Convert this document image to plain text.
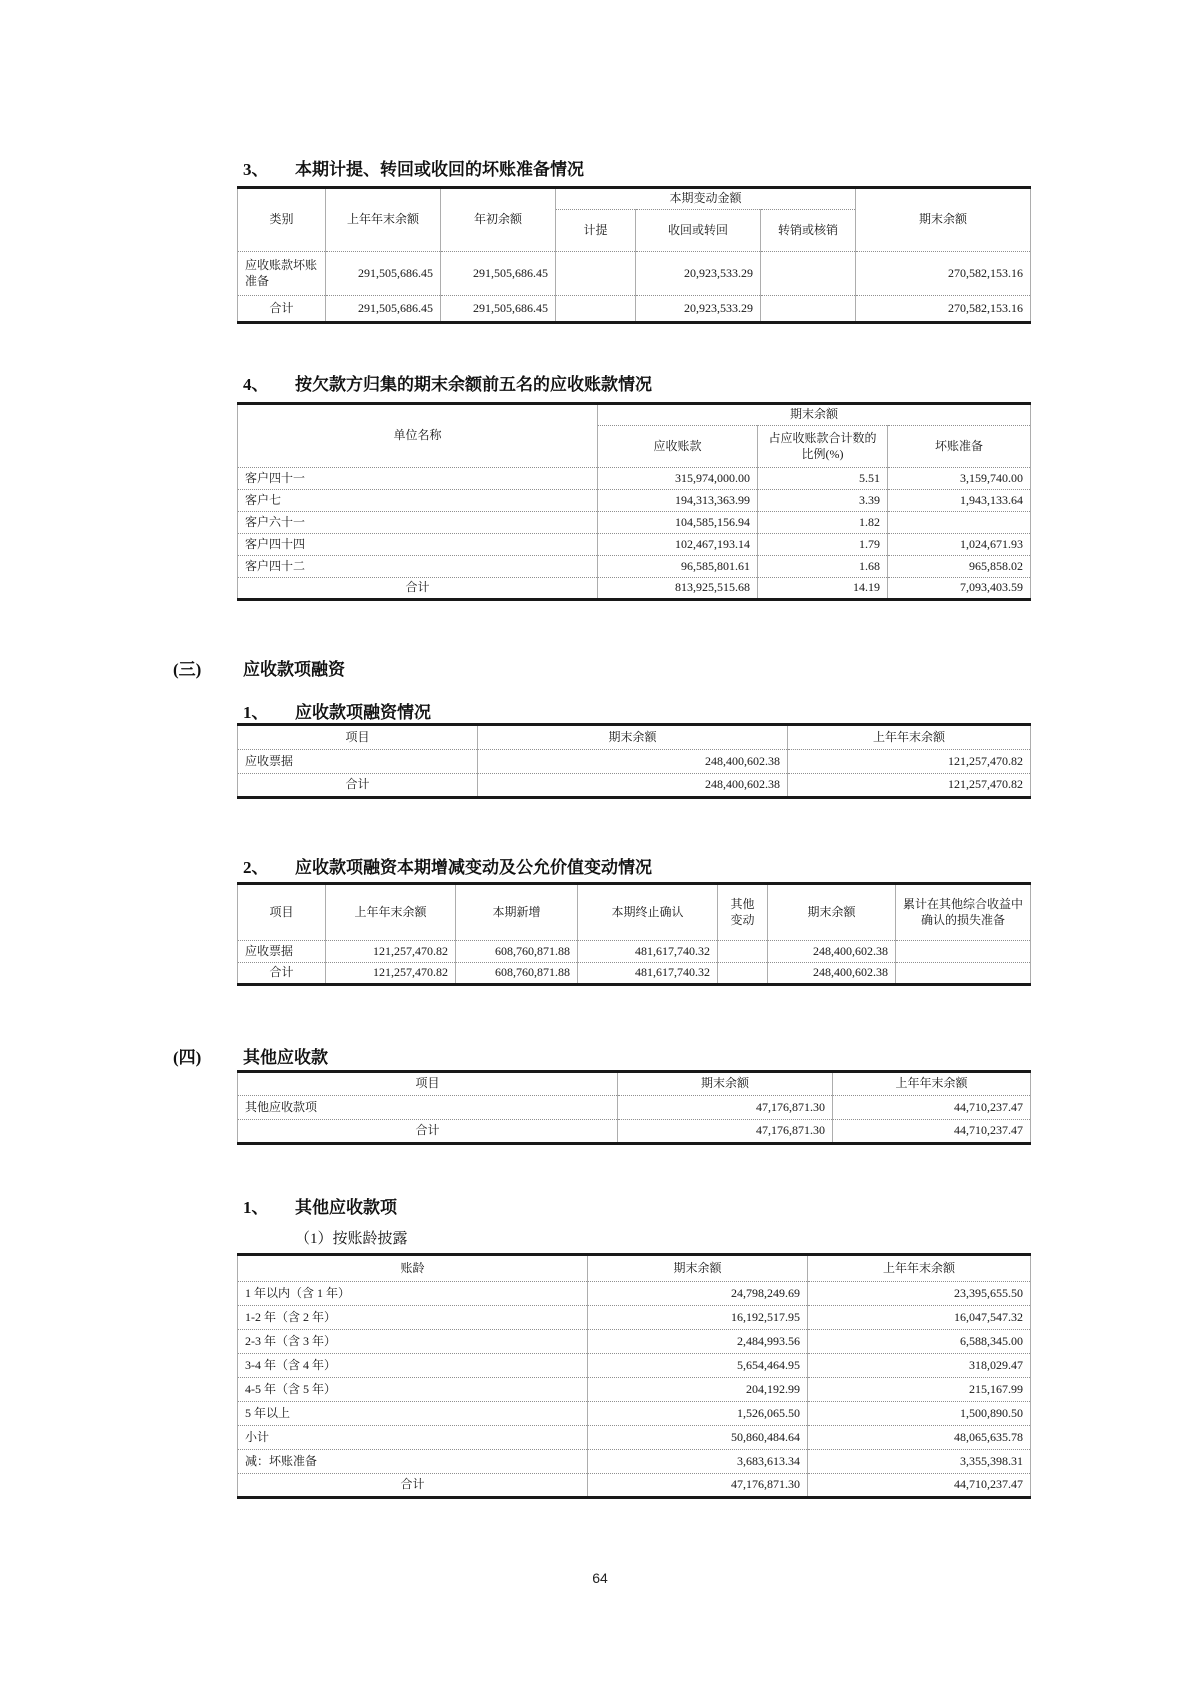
3、	本期计提、转回或收回的坏账准备情况
类别	上年年末余额	年初余额	本期变动金额			期末余额
			计提	收回或转回	转销或核销	
应收账款坏账准备	291,505,686.45	291,505,686.45		20,923,533.29		270,582,153.16
合计	291,505,686.45	291,505,686.45		20,923,533.29		270,582,153.16
4、	按欠款方归集的期末余额前五名的应收账款情况
单位名称	期末余额		
	应收账款	占应收账款合计数的比例(%)	坏账准备
客户四十一	315,974,000.00	5.51	3,159,740.00
客户七	194,313,363.99	3.39	1,943,133.64
客户六十一	104,585,156.94	1.82	
客户四十四	102,467,193.14	1.79	1,024,671.93
客户四十二	96,585,801.61	1.68	965,858.02
合计	813,925,515.68	14.19	7,093,403.59
(三)	应收款项融资
1、	应收款项融资情况
项目	期末余额	上年年末余额
应收票据	248,400,602.38	121,257,470.82
合计	248,400,602.38	121,257,470.82
2、	应收款项融资本期增减变动及公允价值变动情况
项目	上年年末余额	本期新增	本期终止确认	其他变动	期末余额	累计在其他综合收益中确认的损失准备
应收票据	121,257,470.82	608,760,871.88	481,617,740.32		248,400,602.38	
合计	121,257,470.82	608,760,871.88	481,617,740.32		248,400,602.38	
(四)	其他应收款
项目	期末余额	上年年末余额
其他应收款项	47,176,871.30	44,710,237.47
合计	47,176,871.30	44,710,237.47
1、	其他应收款项
（1）按账龄披露
账龄	期末余额	上年年末余额
1 年以内（含 1 年）	24,798,249.69	23,395,655.50
1-2 年（含 2 年）	16,192,517.95	16,047,547.32
2-3 年（含 3 年）	2,484,993.56	6,588,345.00
3-4 年（含 4 年）	5,654,464.95	318,029.47
4-5 年（含 5 年）	204,192.99	215,167.99
5 年以上	1,526,065.50	1,500,890.50
小计	50,860,484.64	48,065,635.78
减：坏账准备	3,683,613.34	3,355,398.31
合计	47,176,871.30	44,710,237.47
64
